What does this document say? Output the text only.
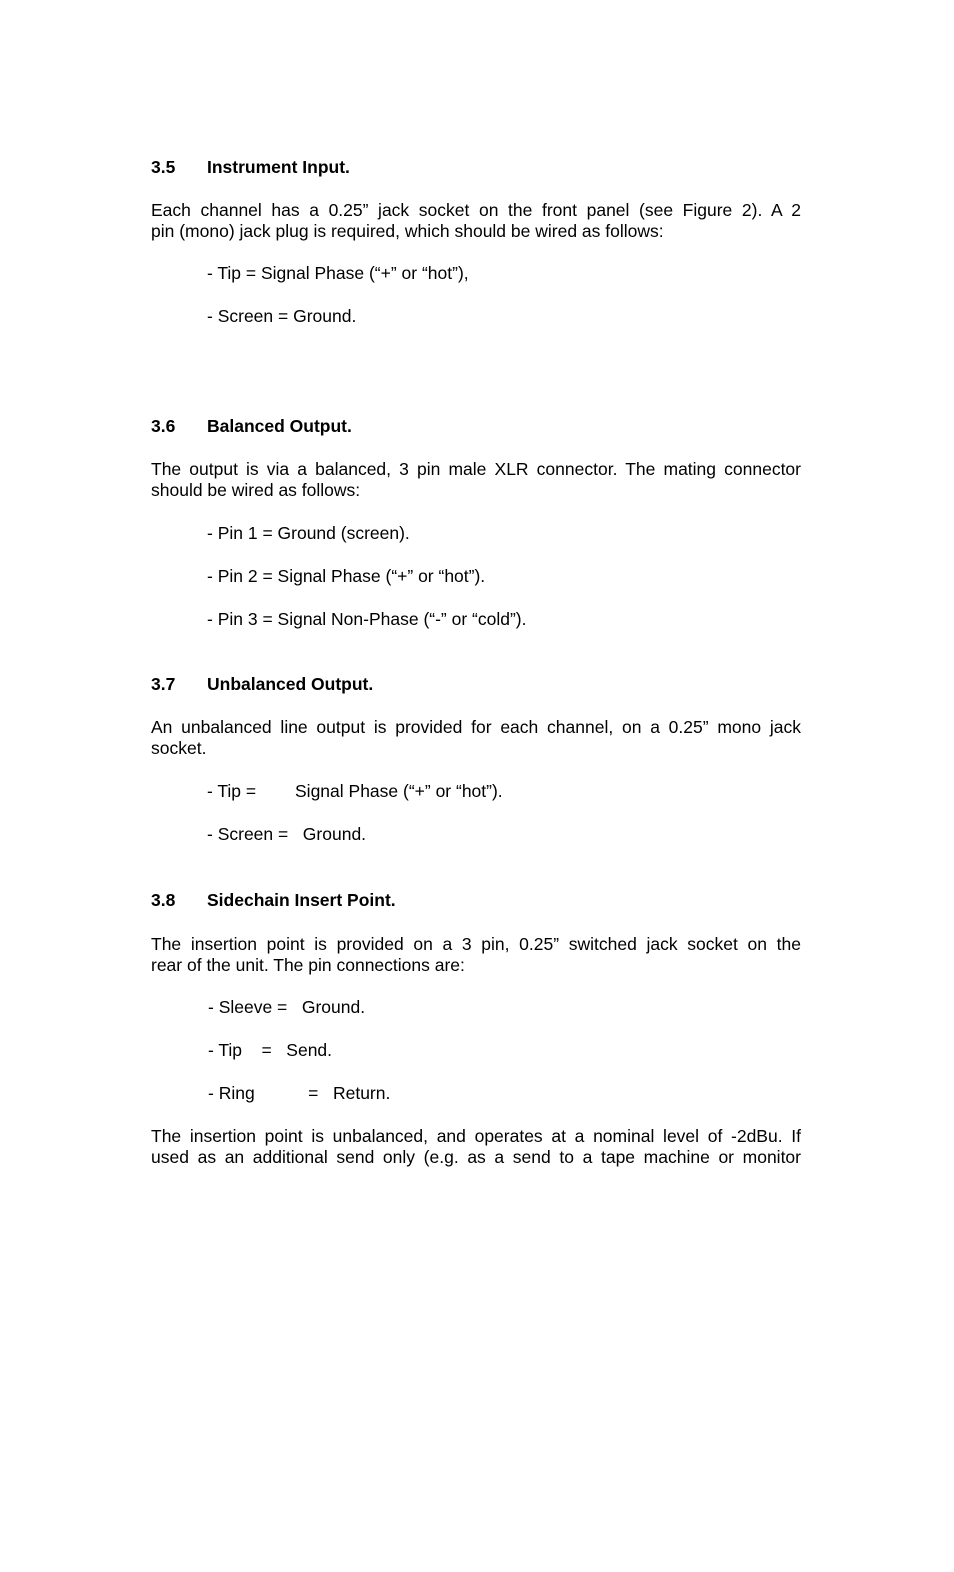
3.5 Instrument Input.
Each channel has a 0.25” jack socket on the front panel (see Figure 2). A 2
pin (mono) jack plug is required, which should be wired as follows:
- Tip = Signal Phase (“+” or “hot”),
- Screen = Ground.
3.6 Balanced Output.
The output is via a balanced, 3 pin male XLR connector. The mating connector
should be wired as follows:
- Pin 1 = Ground (screen).
- Pin 2 = Signal Phase (“+” or “hot”).
- Pin 3 = Signal Non-Phase (“-” or “cold”).
3.7 Unbalanced Output.
An unbalanced line output is provided for each channel, on a 0.25” mono jack
socket.
- Tip =        Signal Phase (“+” or “hot”).
- Screen =   Ground.
3.8 Sidechain Insert Point.
The insertion point is provided on a 3 pin, 0.25” switched jack socket on the
rear of the unit. The pin connections are:
- Sleeve =   Ground.
- Tip    =   Send.
- Ring           =   Return.
The insertion point is unbalanced, and operates at a nominal level of -2dBu. If
used as an additional send only (e.g. as a send to a tape machine or monitor
